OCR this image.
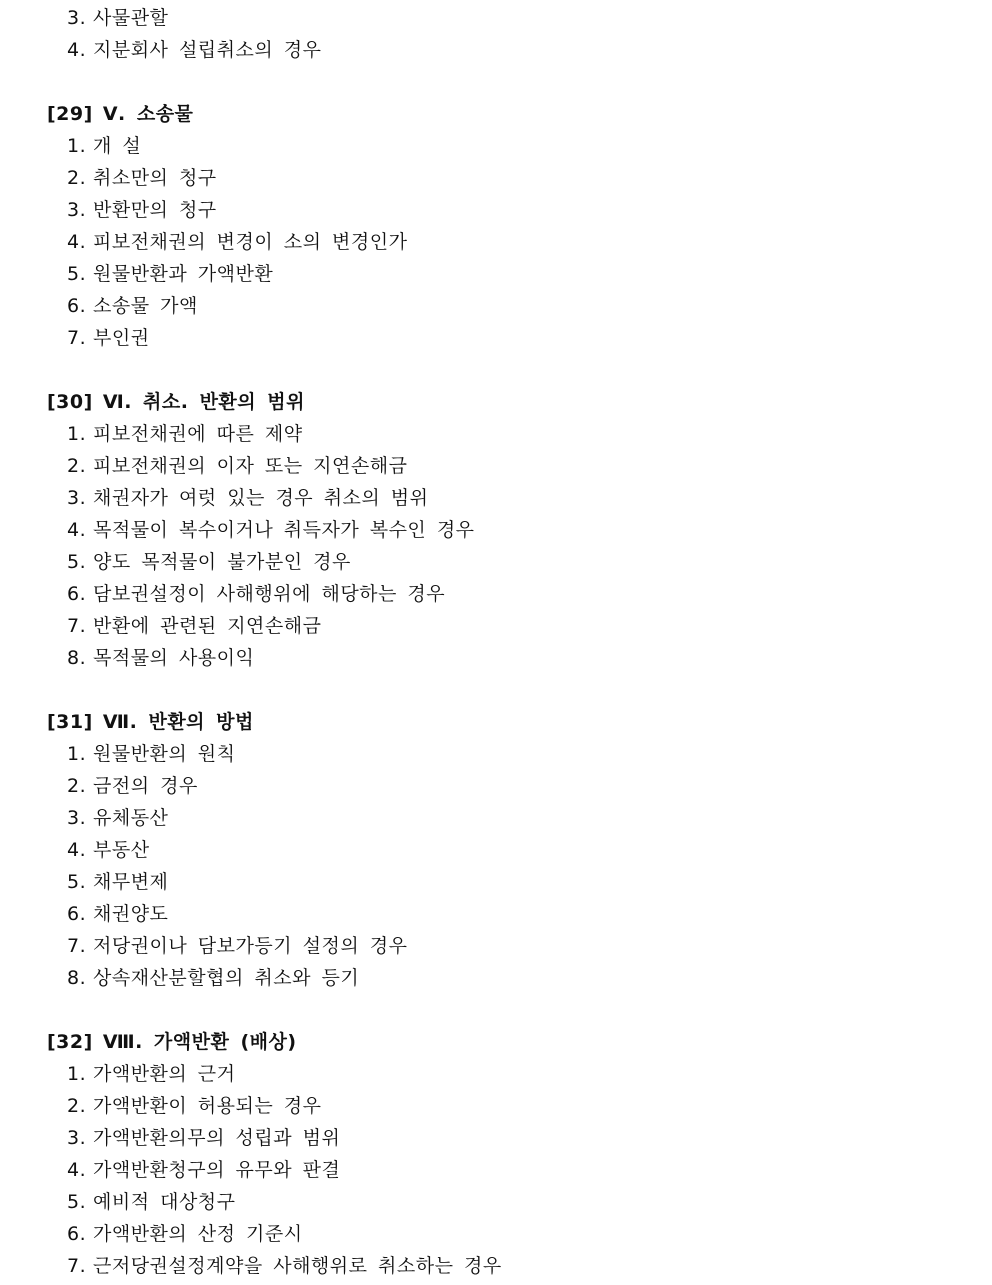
3. 사물관할
4. 지분회사 설립취소의 경우
[29] Ⅴ. 소송물
1. 개 설
2. 취소만의 청구
3. 반환만의 청구
4. 피보전채권의 변경이 소의 변경인가
5. 원물반환과 가액반환
6. 소송물 가액
7. 부인권
[30] Ⅵ. 취소. 반환의 범위
1. 피보전채권에 따른 제약
2. 피보전채권의 이자 또는 지연손해금
3. 채권자가 여럿 있는 경우 취소의 범위
4. 목적물이 복수이거나 취득자가 복수인 경우
5. 양도 목적물이 불가분인 경우
6. 담보권설정이 사해행위에 해당하는 경우
7. 반환에 관련된 지연손해금
8. 목적물의 사용이익
[31] Ⅶ. 반환의 방법
1. 원물반환의 원칙
2. 금전의 경우
3. 유체동산
4. 부동산
5. 채무변제
6. 채권양도
7. 저당권이나 담보가등기 설정의 경우
8. 상속재산분할협의 취소와 등기
[32] Ⅷ. 가액반환 (배상)
1. 가액반환의 근거
2. 가액반환이 허용되는 경우
3. 가액반환의무의 성립과 범위
4. 가액반환청구의 유무와 판결
5. 예비적 대상청구
6. 가액반환의 산정 기준시
7. 근저당권설정계약을 사해행위로 취소하는 경우
